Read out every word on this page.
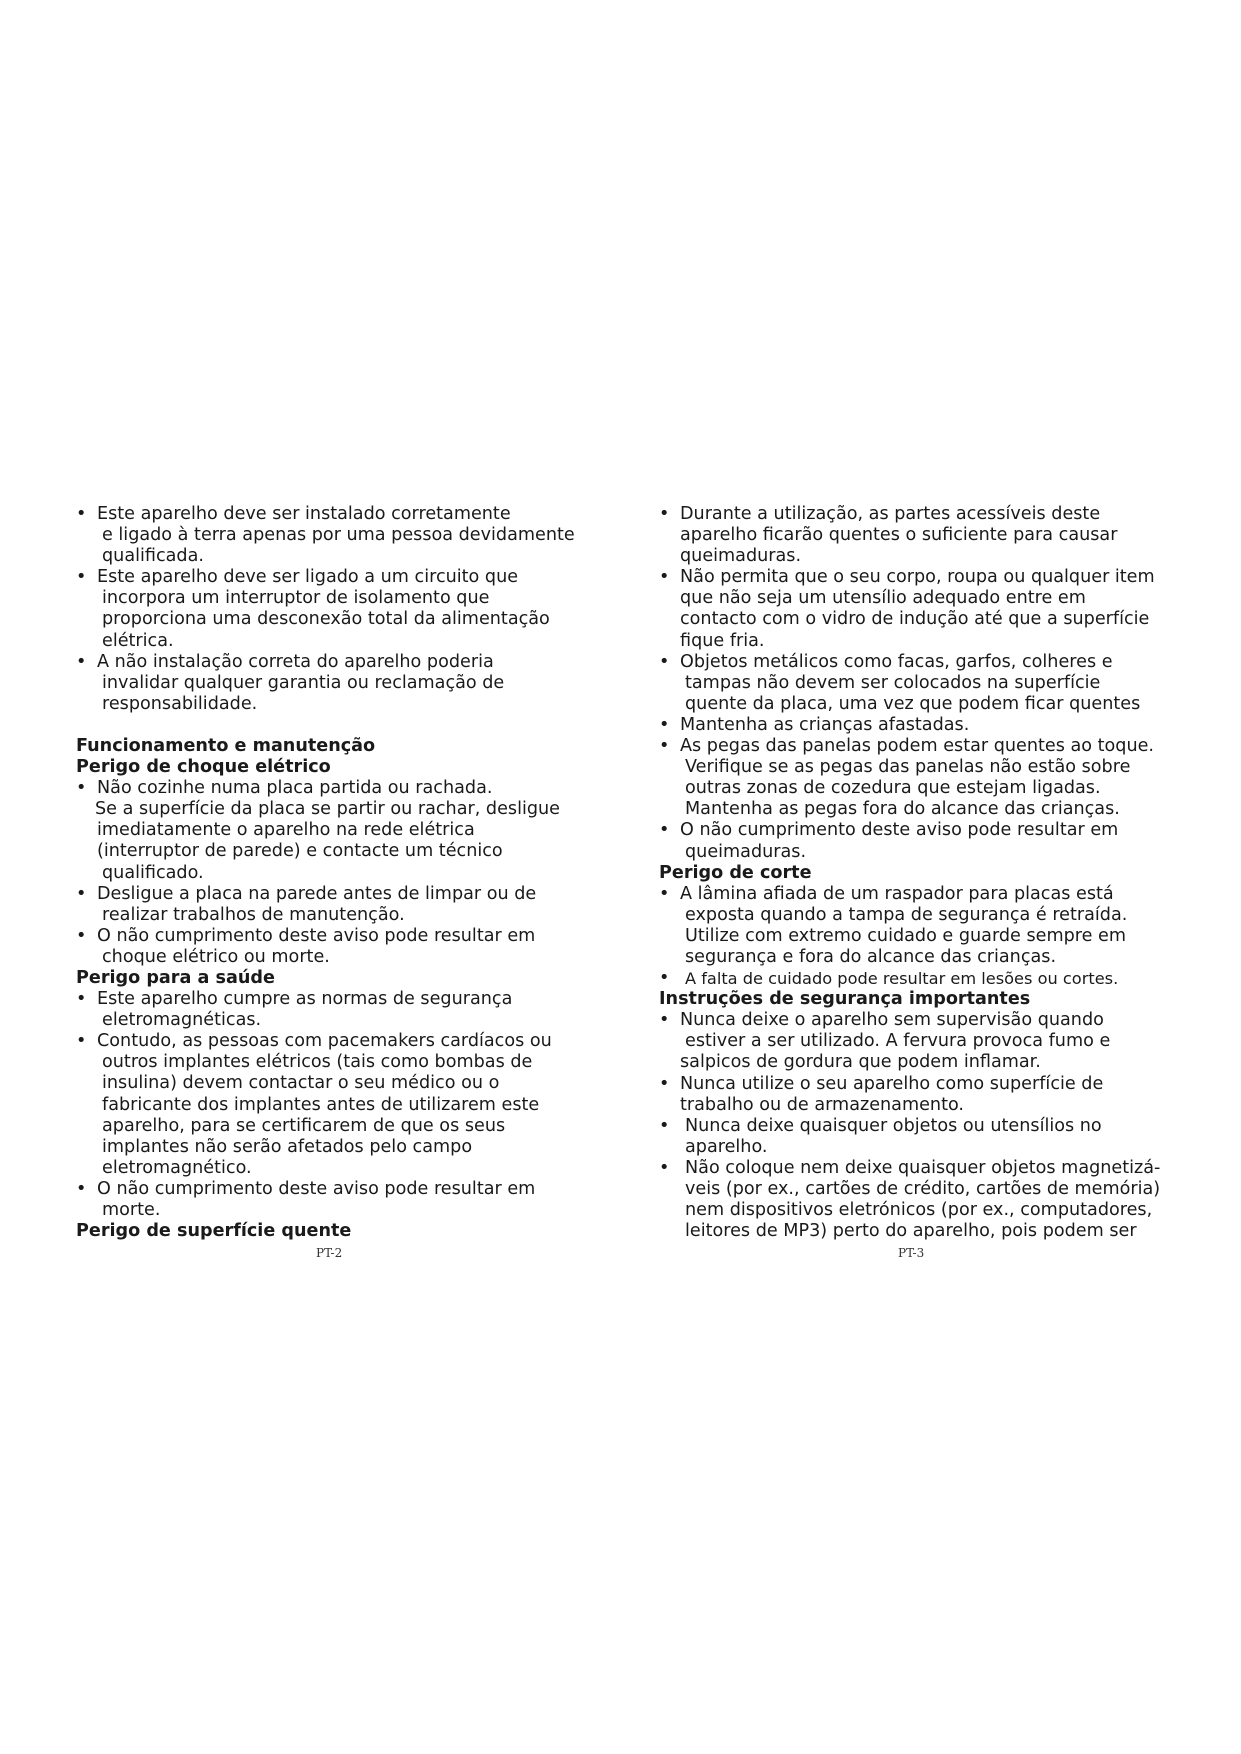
• Este aparelho deve ser instalado corretamente
e ligado à terra apenas por uma pessoa devidamente
qualificada.
• Este aparelho deve ser ligado a um circuito que
incorpora um interruptor de isolamento que
proporciona uma desconexão total da alimentação
elétrica.
• A não instalação correta do aparelho poderia
invalidar qualquer garantia ou reclamação de
responsabilidade.
Funcionamento e manutenção
Perigo de choque elétrico
• Não cozinhe numa placa partida ou rachada.
Se a superfície da placa se partir ou rachar, desligue
imediatamente o aparelho na rede elétrica
(interruptor de parede) e contacte um técnico
qualificado.
• Desligue a placa na parede antes de limpar ou de
realizar trabalhos de manutenção.
• O não cumprimento deste aviso pode resultar em
choque elétrico ou morte.
Perigo para a saúde
• Este aparelho cumpre as normas de segurança
eletromagnéticas.
• Contudo, as pessoas com pacemakers cardíacos ou
outros implantes elétricos (tais como bombas de
insulina) devem contactar o seu médico ou o
fabricante dos implantes antes de utilizarem este
aparelho, para se certificarem de que os seus
implantes não serão afetados pelo campo
eletromagnético.
• O não cumprimento deste aviso pode resultar em
morte.
Perigo de superfície quente
PT-2
• Durante a utilização, as partes acessíveis deste
aparelho ficarão quentes o suficiente para causar
queimaduras.
• Não permita que o seu corpo, roupa ou qualquer item
que não seja um utensílio adequado entre em
contacto com o vidro de indução até que a superfície
fique fria.
• Objetos metálicos como facas, garfos, colheres e
tampas não devem ser colocados na superfície
quente da placa, uma vez que podem ficar quentes
• Mantenha as crianças afastadas.
• As pegas das panelas podem estar quentes ao toque.
Verifique se as pegas das panelas não estão sobre
outras zonas de cozedura que estejam ligadas.
Mantenha as pegas fora do alcance das crianças.
• O não cumprimento deste aviso pode resultar em
queimaduras.
Perigo de corte
• A lâmina afiada de um raspador para placas está
exposta quando a tampa de segurança é retraída.
Utilize com extremo cuidado e guarde sempre em
segurança e fora do alcance das crianças.
• A falta de cuidado pode resultar em lesões ou cortes.
Instruções de segurança importantes
• Nunca deixe o aparelho sem supervisão quando
estiver a ser utilizado. A fervura provoca fumo e
salpicos de gordura que podem inflamar.
• Nunca utilize o seu aparelho como superfície de
trabalho ou de armazenamento.
• Nunca deixe quaisquer objetos ou utensílios no
aparelho.
• Não coloque nem deixe quaisquer objetos magnetizá-
veis (por ex., cartões de crédito, cartões de memória)
nem dispositivos eletrónicos (por ex., computadores,
leitores de MP3) perto do aparelho, pois podem ser
PT-3
